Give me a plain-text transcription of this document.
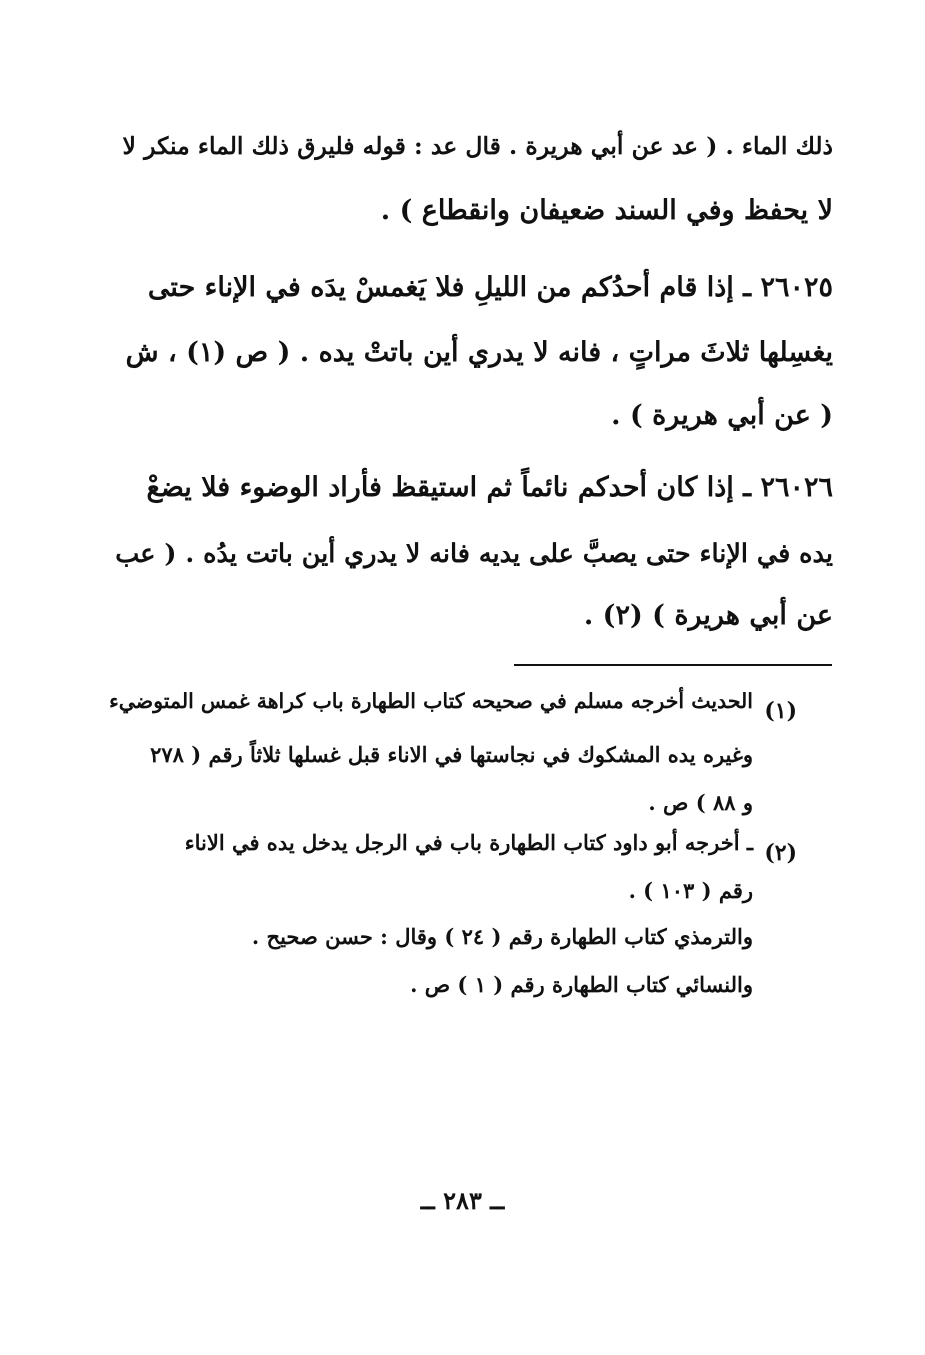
ذلك الماء . ( عد عن أبي هريرة . قال عد : قوله فليرق ذلك الماء منكر لا
لا يحفظ وفي السند ضعيفان وانقطاع ) .
٢٦٠٢٥ ـ إذا قام أحدُكم من الليلِ فلا يَغمسْ يدَه في الإناء حتى
يغسِلها ثلاثَ مراتٍ ، فانه لا يدري أين باتتْ يده . ( ص (١) ، ش
( عن أبي هريرة ) .
٢٦٠٢٦ ـ إذا كان أحدكم نائماً ثم استيقظ فأراد الوضوء فلا يضعْ
يده في الإناء حتى يصبَّ على يديه فانه لا يدري أين باتت يدُه . ( عب
عن أبي هريرة ) (٢) .
(١)
الحديث أخرجه مسلم في صحيحه كتاب الطهارة باب كراهة غمس المتوضيء
وغيره يده المشكوك في نجاستها في الاناء قبل غسلها ثلاثاً رقم ( ٢٧٨
و ٨٨ ) ص .
(٢)
ـ أخرجه أبو داود كتاب الطهارة باب في الرجل يدخل يده في الاناء
رقم ( ١٠٣ ) .
والترمذي كتاب الطهارة رقم ( ٢٤ ) وقال : حسن صحيح .
والنسائي كتاب الطهارة رقم ( ١ ) ص .
ــ ٢٨٣ ــ
